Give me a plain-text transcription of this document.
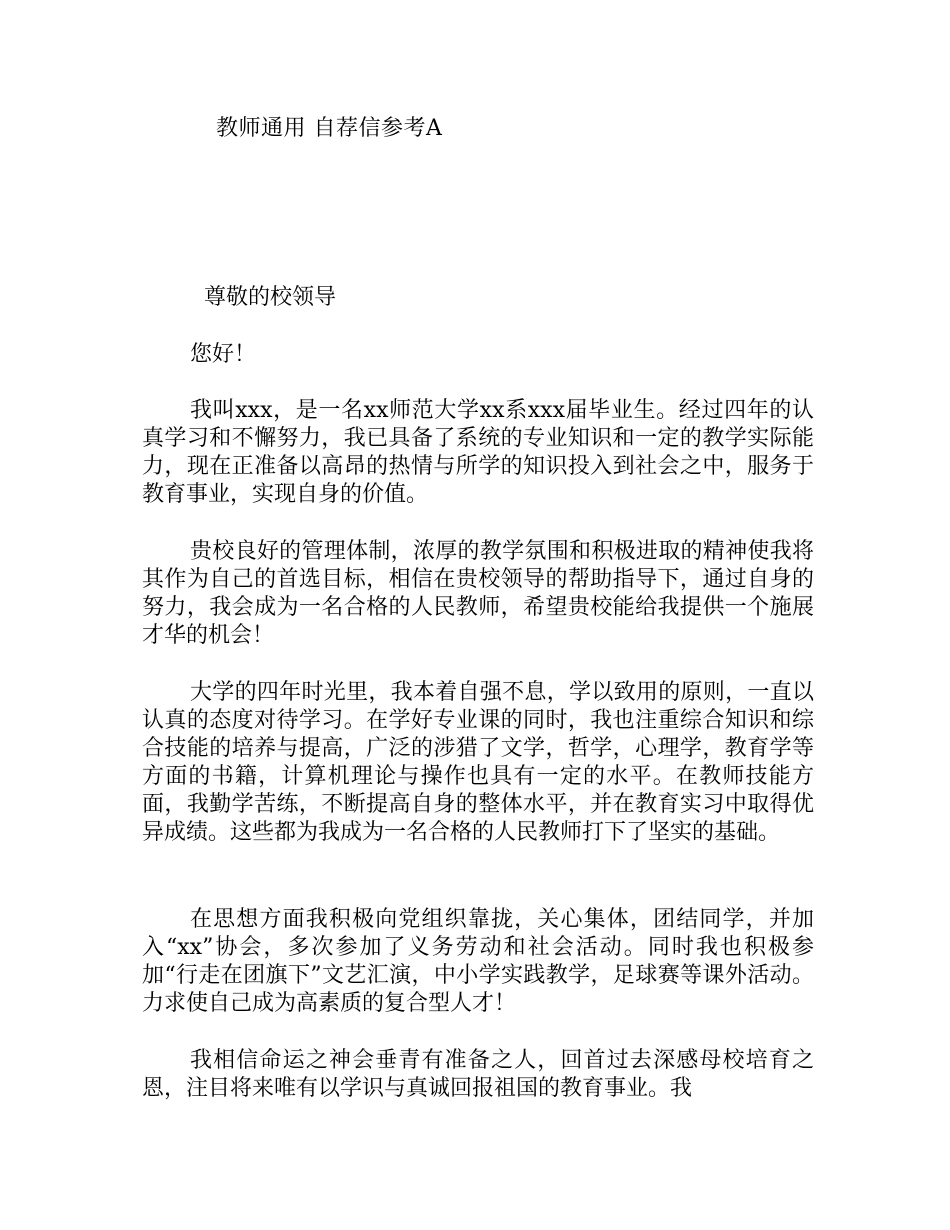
教师通用 自荐信参考A
尊敬的校领导
您好！

我叫xxx，是一名xx师范大学xx系xxx届毕业生。经过四年的认真学习和不懈努力，我已具备了系统的专业知识和一定的教学实际能力，现在正准备以高昂的热情与所学的知识投入到社会之中，服务于教育事业，实现自身的价值。

贵校良好的管理体制，浓厚的教学氛围和积极进取的精神使我将其作为自己的首选目标，相信在贵校领导的帮助指导下，通过自身的努力，我会成为一名合格的人民教师，希望贵校能给我提供一个施展才华的机会！

大学的四年时光里，我本着自强不息，学以致用的原则，一直以认真的态度对待学习。在学好专业课的同时，我也注重综合知识和综合技能的培养与提高，广泛的涉猎了文学，哲学，心理学，教育学等方面的书籍，计算机理论与操作也具有一定的水平。在教师技能方面，我勤学苦练，不断提高自身的整体水平，并在教育实习中取得优异成绩。这些都为我成为一名合格的人民教师打下了坚实的基础。

在思想方面我积极向党组织靠拢，关心集体，团结同学，并加入“xx”协会，多次参加了义务劳动和社会活动。同时我也积极参加“行走在团旗下”文艺汇演，中小学实践教学，足球赛等课外活动。力求使自己成为高素质的复合型人才！

我相信命运之神会垂青有准备之人，回首过去深感母校培育之恩，注目将来唯有以学识与真诚回报祖国的教育事业。我
